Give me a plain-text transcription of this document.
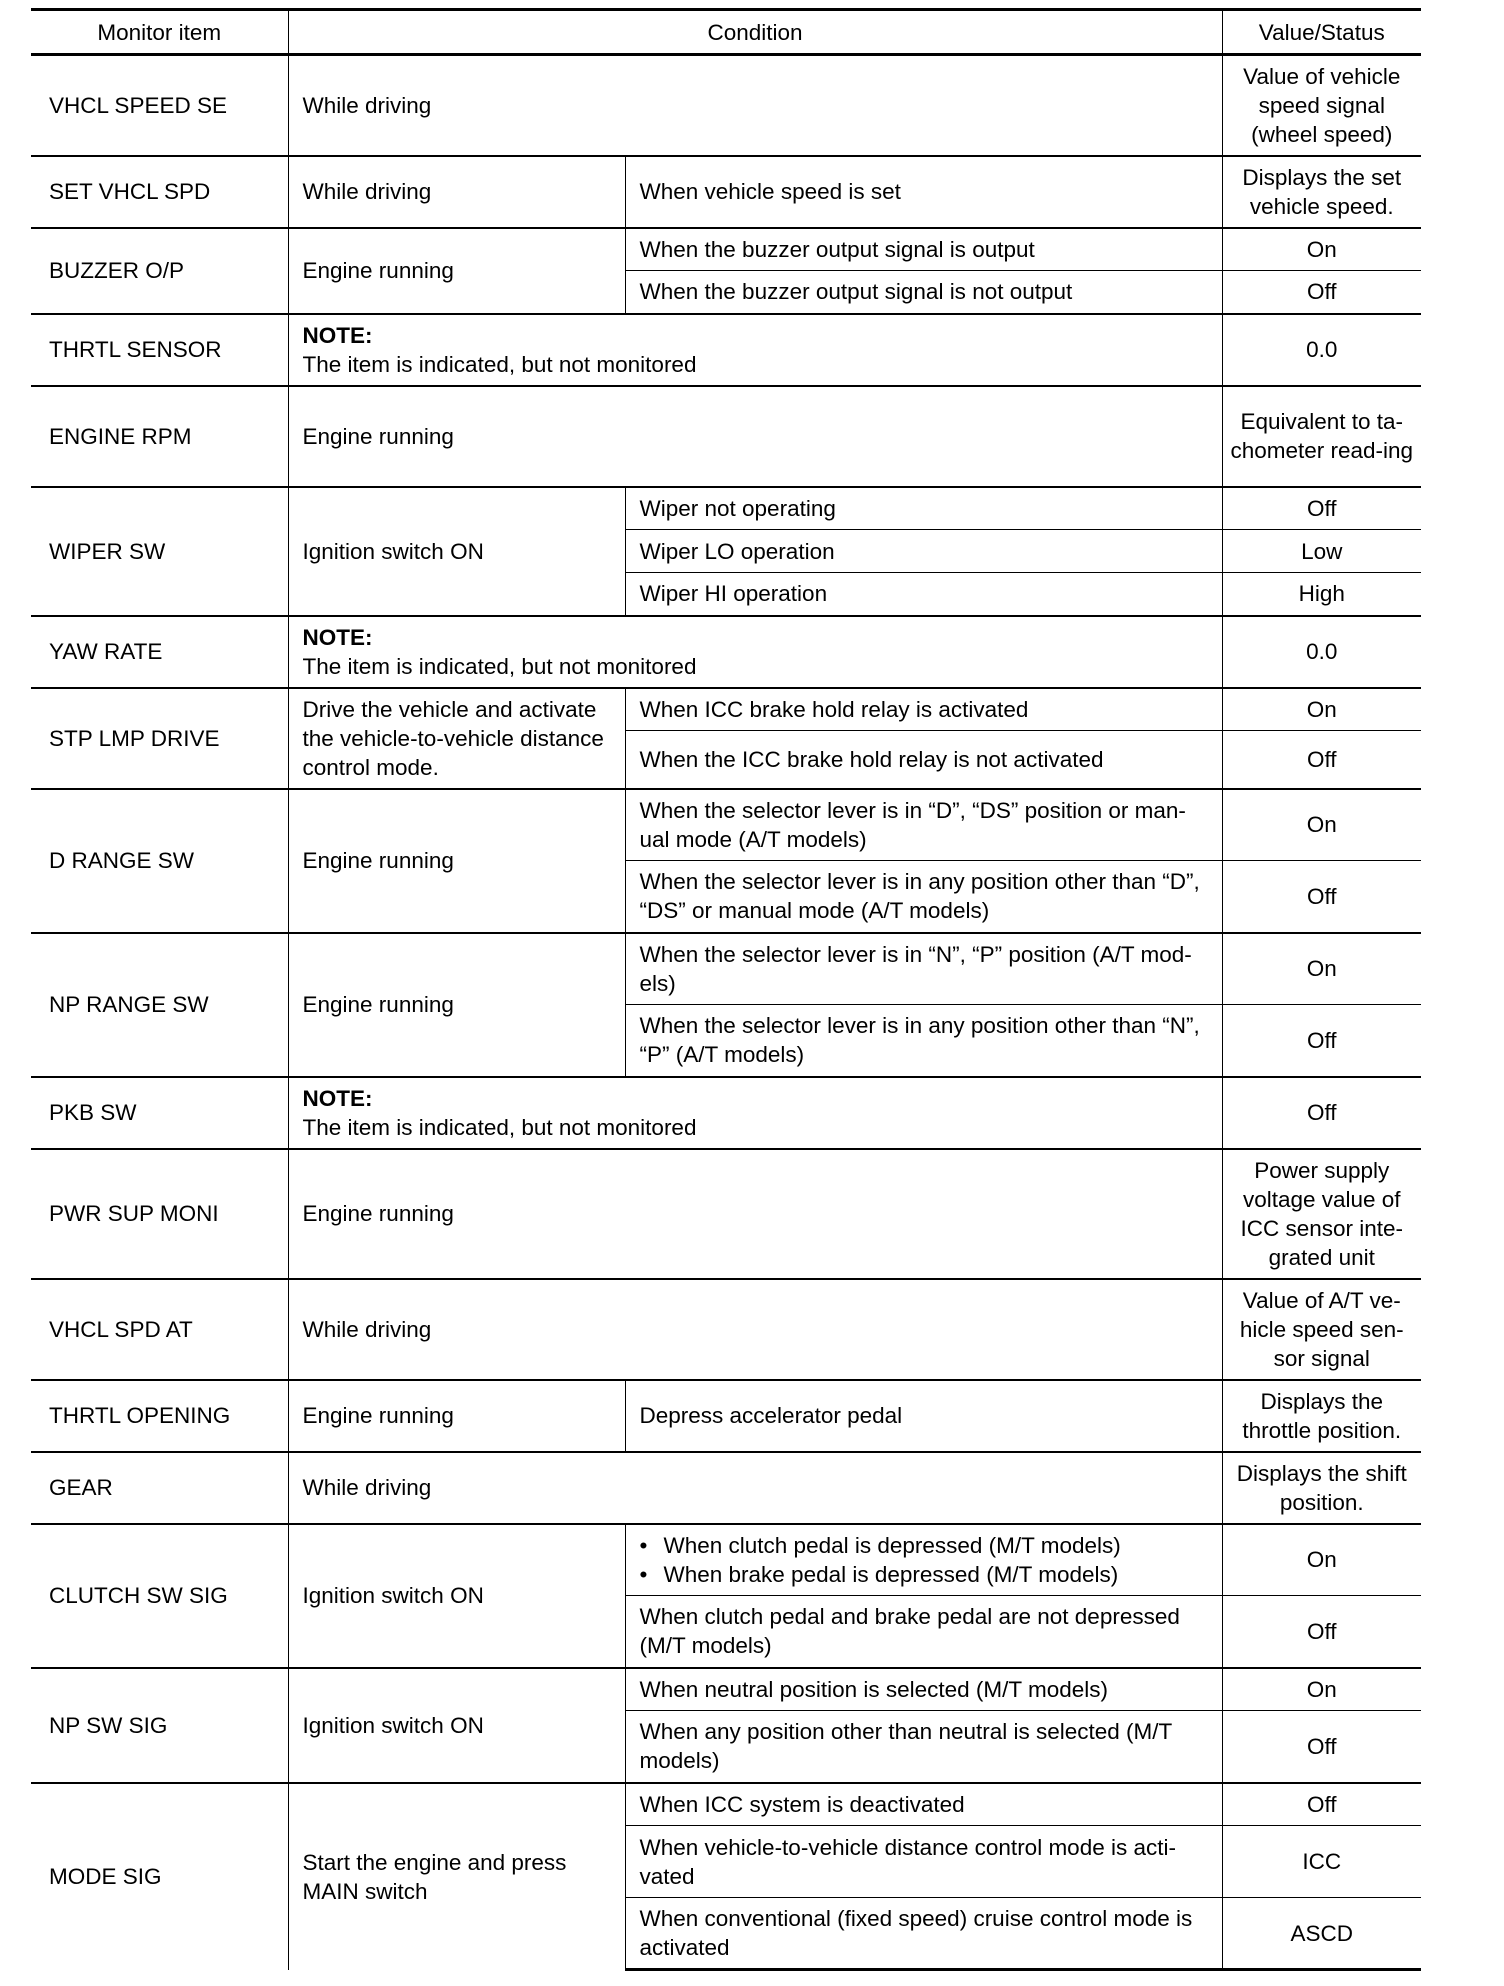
Monitor item	Condition		Value/Status
VHCL SPEED SE	While driving		Value of vehicle speed signal (wheel speed)
SET VHCL SPD	While driving	When vehicle speed is set	Displays the set vehicle speed.
BUZZER O/P	Engine running	When the buzzer output signal is output	On
		When the buzzer output signal is not output	Off
THRTL SENSOR	NOTE:
The item is indicated, but not monitored		0.0
ENGINE RPM	Engine running		Equivalent to ta-chometer read-ing
WIPER SW	Ignition switch ON	Wiper not operating	Off
		Wiper LO operation	Low
		Wiper HI operation	High
YAW RATE	NOTE:
The item is indicated, but not monitored		0.0
STP LMP DRIVE	Drive the vehicle and activate the vehicle-to-vehicle distance control mode.	When ICC brake hold relay is activated	On
		When the ICC brake hold relay is not activated	Off
D RANGE SW	Engine running	When the selector lever is in “D”, “DS” position or man-ual mode (A/T models)	On
		When the selector lever is in any position other than “D”, “DS” or manual mode (A/T models)	Off
NP RANGE SW	Engine running	When the selector lever is in “N”, “P” position (A/T mod-els)	On
		When the selector lever is in any position other than “N”, “P” (A/T models)	Off
PKB SW	NOTE:
The item is indicated, but not monitored		Off
PWR SUP MONI	Engine running		Power supply voltage value of ICC sensor inte-grated unit
VHCL SPD AT	While driving		Value of A/T ve-hicle speed sen-sor signal
THRTL OPENING	Engine running	Depress accelerator pedal	Displays the throttle position.
GEAR	While driving		Displays the shift position.
CLUTCH SW SIG	Ignition switch ON	• When clutch pedal is depressed (M/T models)
• When brake pedal is depressed (M/T models)	On
		When clutch pedal and brake pedal are not depressed (M/T models)	Off
NP SW SIG	Ignition switch ON	When neutral position is selected (M/T models)	On
		When any position other than neutral is selected (M/T models)	Off
MODE SIG	Start the engine and press MAIN switch	When ICC system is deactivated	Off
		When vehicle-to-vehicle distance control mode is acti-vated	ICC
		When conventional (fixed speed) cruise control mode is activated	ASCD
